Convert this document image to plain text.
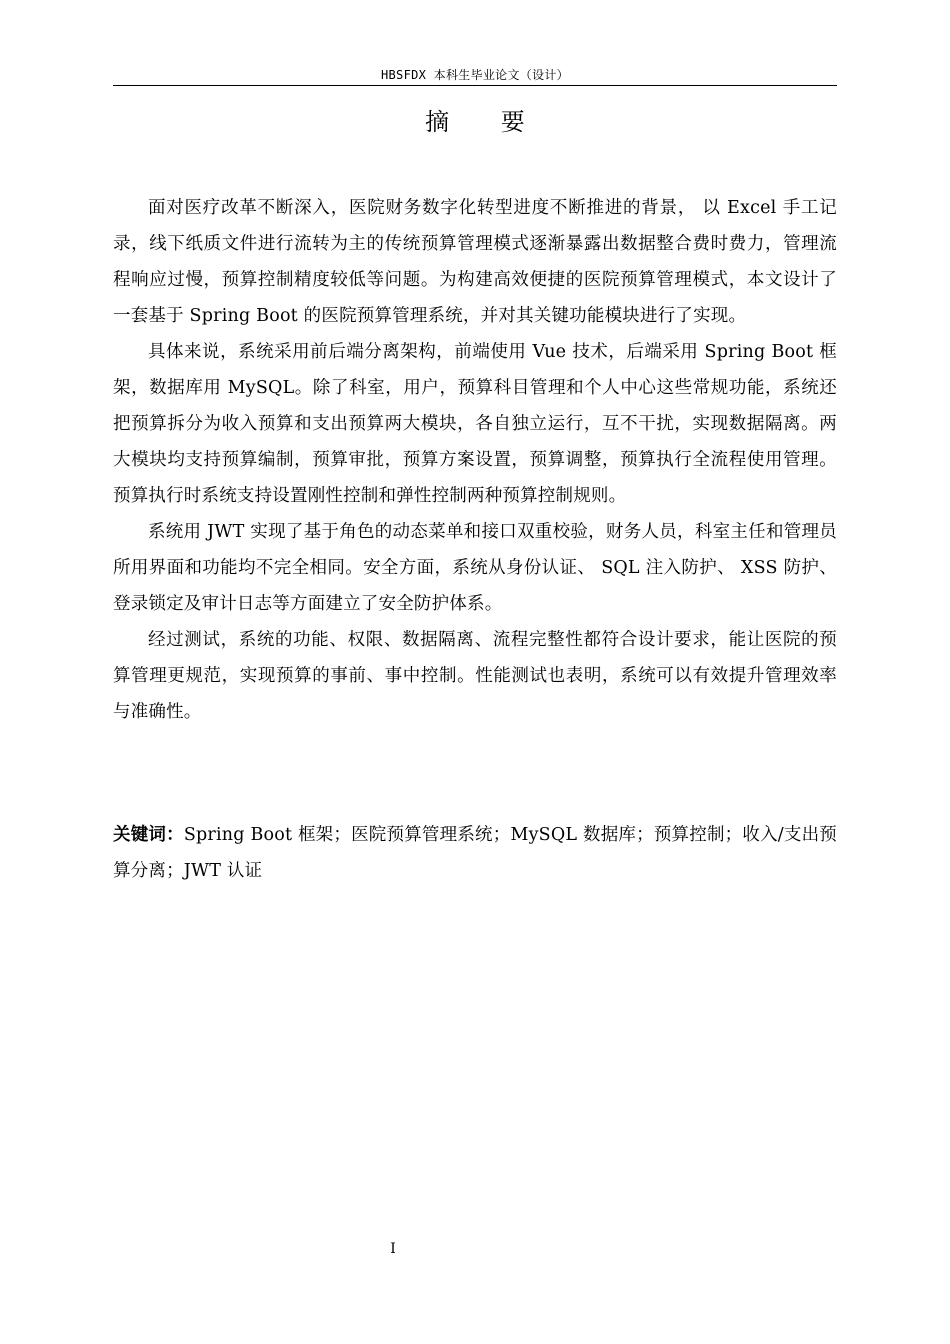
HBSFDX 本科生毕业论文（设计）
摘 要

面对医疗改革不断深入，医院财务数字化转型进度不断推进的背景， 以 Excel 手工记录，线下纸质文件进行流转为主的传统预算管理模式逐渐暴露出数据整合费时费力，管理流程响应过慢，预算控制精度较低等问题。为构建高效便捷的医院预算管理模式，本文设计了一套基于 Spring Boot 的医院预算管理系统，并对其关键功能模块进行了实现。

具体来说，系统采用前后端分离架构，前端使用 Vue 技术，后端采用 Spring Boot 框架，数据库用 MySQL。除了科室，用户，预算科目管理和个人中心这些常规功能，系统还把预算拆分为收入预算和支出预算两大模块，各自独立运行，互不干扰，实现数据隔离。两大模块均支持预算编制，预算审批，预算方案设置，预算调整，预算执行全流程使用管理。预算执行时系统支持设置刚性控制和弹性控制两种预算控制规则。

系统用 JWT 实现了基于角色的动态菜单和接口双重校验，财务人员，科室主任和管理员所用界面和功能均不完全相同。安全方面，系统从身份认证、 SQL 注入防护、 XSS 防护、登录锁定及审计日志等方面建立了安全防护体系。

经过测试，系统的功能、权限、数据隔离、流程完整性都符合设计要求，能让医院的预算管理更规范，实现预算的事前、事中控制。性能测试也表明，系统可以有效提升管理效率与准确性。

关键词：Spring Boot 框架；医院预算管理系统；MySQL 数据库；预算控制；收入/支出预算分离；JWT 认证

I
